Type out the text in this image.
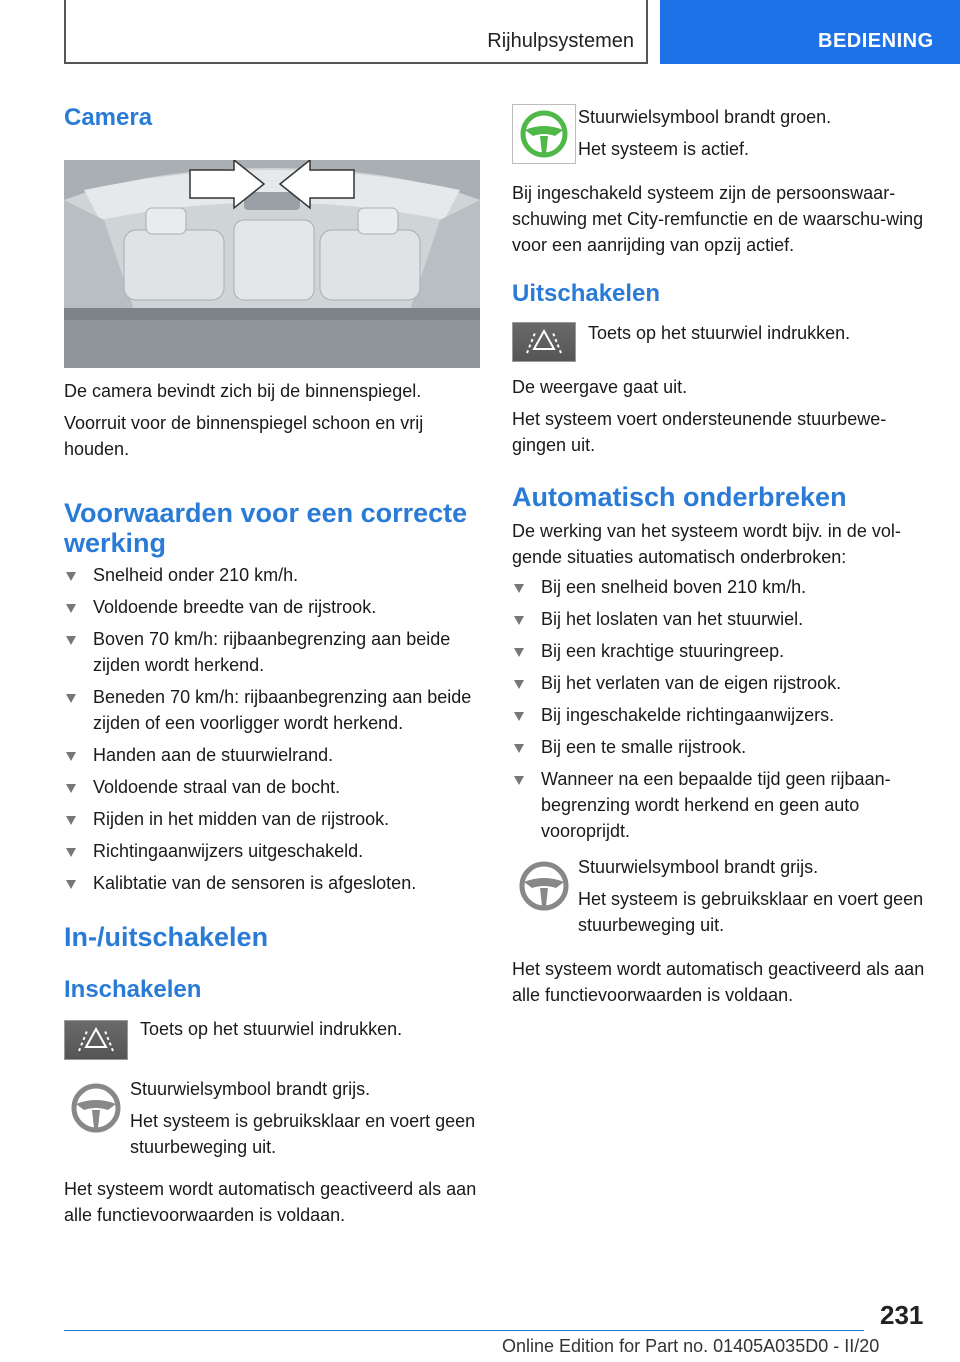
Rijhulpsystemen	BEDIENING
Camera

De camera bevindt zich bij de binnenspiegel.

Voorruit voor de binnenspiegel schoon en vrij houden.

Voorwaarden voor een correcte werking
Snelheid onder 210 km/h.
Voldoende breedte van de rijstrook.
Boven 70 km/h: rijbaanbegrenzing aan beide zijden wordt herkend.
Beneden 70 km/h: rijbaanbegrenzing aan beide zijden of een voorligger wordt herkend.
Handen aan de stuurwielrand.
Voldoende straal van de bocht.
Rijden in het midden van de rijstrook.
Richtingaanwijzers uitgeschakeld.
Kalibtatie van de sensoren is afgesloten.
In-/uitschakelen
Inschakelen

Toets op het stuurwiel indrukken.

Stuurwielsymbool brandt grijs.

Het systeem is gebruiksklaar en voert geen stuurbeweging uit.

Het systeem wordt automatisch geactiveerd als aan alle functievoorwaarden is voldaan.

Stuurwielsymbool brandt groen.

Het systeem is actief.

Bij ingeschakeld systeem zijn de persoonswaar-schuwing met City-remfunctie en de waarschu-wing voor een aanrijding van opzij actief.

Uitschakelen

Toets op het stuurwiel indrukken.

De weergave gaat uit.

Het systeem voert ondersteunende stuurbewe-gingen uit.

Automatisch onderbreken

De werking van het systeem wordt bijv. in de vol-gende situaties automatisch onderbroken:

Bij een snelheid boven 210 km/h.
Bij het loslaten van het stuurwiel.
Bij een krachtige stuuringreep.
Bij het verlaten van de eigen rijstrook.
Bij ingeschakelde richtingaanwijzers.
Bij een te smalle rijstrook.
Wanneer na een bepaalde tijd geen rijbaan-begrenzing wordt herkend en geen auto vooroprijdt.

Stuurwielsymbool brandt grijs.

Het systeem is gebruiksklaar en voert geen stuurbeweging uit.

Het systeem wordt automatisch geactiveerd als aan alle functievoorwaarden is voldaan.

231
Online Edition for Part no. 01405A035D0 - II/20
